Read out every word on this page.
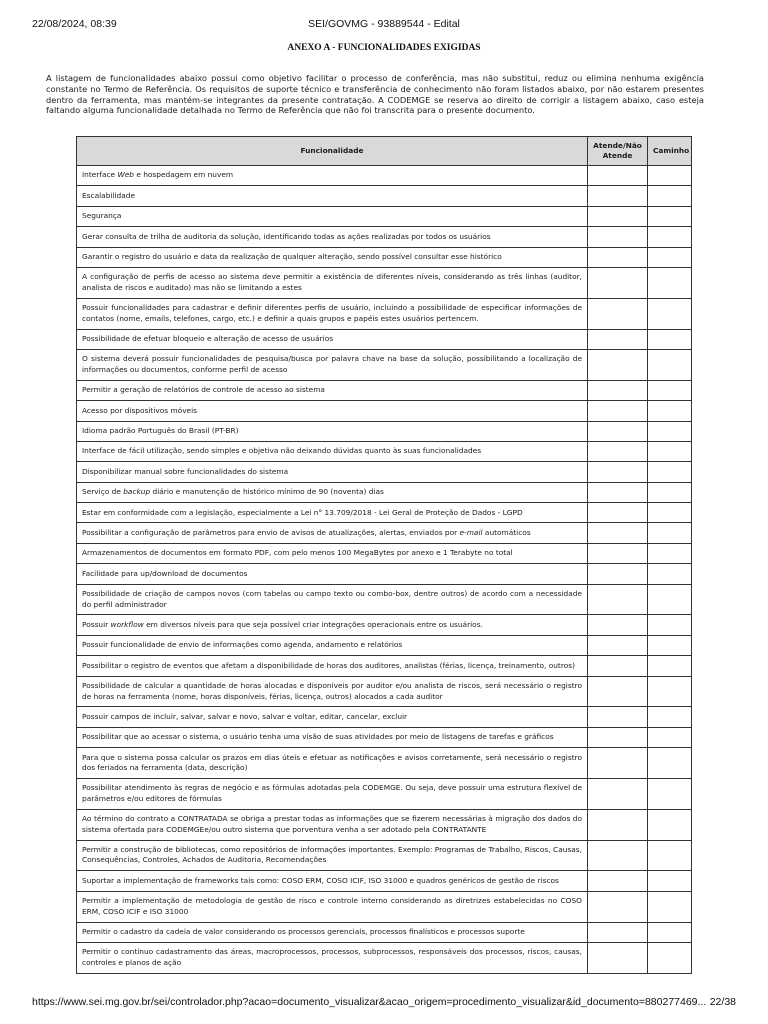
22/08/2024, 08:39	SEI/GOVMG - 93889544 - Edital
ANEXO A - FUNCIONALIDADES EXIGIDAS
A listagem de funcionalidades abaixo possui como objetivo facilitar o processo de conferência, mas não substitui, reduz ou elimina nenhuma exigência constante no Termo de Referência. Os requisitos de suporte técnico e transferência de conhecimento não foram listados abaixo, por não estarem presentes dentro da ferramenta, mas mantém-se integrantes da presente contratação. A CODEMGE se reserva ao direito de corrigir a listagem abaixo, caso esteja faltando alguma funcionalidade detalhada no Termo de Referência que não foi transcrita para o presente documento.
Funcionalidade	Atende/Não Atende	Caminho
Interface Web e hospedagem em nuvem		
Escalabilidade		
Segurança		
Gerar consulta de trilha de auditoria da solução, identificando todas as ações realizadas por todos os usuários		
Garantir o registro do usuário e data da realização de qualquer alteração, sendo possível consultar esse histórico		
A configuração de perfis de acesso ao sistema deve permitir a existência de diferentes níveis, considerando as três linhas (auditor, analista de riscos e auditado) mas não se limitando a estes		
Possuir funcionalidades para cadastrar e definir diferentes perfis de usuário, incluindo a possibilidade de especificar informações de contatos (nome, emails, telefones, cargo, etc.) e definir a quais grupos e papéis estes usuários pertencem.		
Possibilidade de efetuar bloqueio e alteração de acesso de usuários		
O sistema deverá possuir funcionalidades de pesquisa/busca por palavra chave na base da solução, possibilitando a localização de informações ou documentos, conforme perfil de acesso		
Permitir a geração de relatórios de controle de acesso ao sistema		
Acesso por dispositivos móveis		
Idioma padrão Português do Brasil (PT-BR)		
Interface de fácil utilização, sendo simples e objetiva não deixando dúvidas quanto às suas funcionalidades		
Disponibilizar manual sobre funcionalidades do sistema		
Serviço de backup diário e manutenção de histórico mínimo de 90 (noventa) dias		
Estar em conformidade com a legislação, especialmente a Lei n° 13.709/2018 - Lei Geral de Proteção de Dados - LGPD		
Possibilitar a configuração de parâmetros para envio de avisos de atualizações, alertas, enviados por e-mail automáticos		
Armazenamentos de documentos em formato PDF, com pelo menos 100 MegaBytes por anexo e 1 Terabyte no total		
Facilidade para up/download de documentos		
Possibilidade de criação de campos novos (com tabelas ou campo texto ou combo-box, dentre outros) de acordo com a necessidade do perfil administrador		
Possuir workflow em diversos níveis para que seja possível criar integrações operacionais entre os usuários.		
Possuir funcionalidade de envio de informações como agenda, andamento e relatórios		
Possibilitar o registro de eventos que afetam a disponibilidade de horas dos auditores, analistas (férias, licença, treinamento, outros)		
Possibilidade de calcular a quantidade de horas alocadas e disponíveis por auditor e/ou analista de riscos, será necessário o registro de horas na ferramenta (nome, horas disponíveis, férias, licença, outros) alocados a cada auditor		
Possuir campos de incluir, salvar, salvar e novo, salvar e voltar, editar, cancelar, excluir		
Possibilitar que ao acessar o sistema, o usuário tenha uma visão de suas atividades por meio de listagens de tarefas e gráficos		
Para que o sistema possa calcular os prazos em dias úteis e efetuar as notificações e avisos corretamente, será necessário o registro dos feriados na ferramenta (data, descrição)		
Possibilitar atendimento às regras de negócio e as fórmulas adotadas pela CODEMGE. Ou seja, deve possuir uma estrutura flexível de parâmetros e/ou editores de fórmulas		
Ao término do contrato a CONTRATADA se obriga a prestar todas as informações que se fizerem necessárias à migração dos dados do sistema ofertada para CODEMGEe/ou outro sistema que porventura venha a ser adotado pela CONTRATANTE		
Permitir a construção de bibliotecas, como repositórios de informações importantes. Exemplo: Programas de Trabalho, Riscos, Causas, Consequências, Controles, Achados de Auditoria, Recomendações		
Suportar a implementação de frameworks tais como: COSO ERM, COSO ICIF, ISO 31000 e quadros genéricos de gestão de riscos		
Permitir a implementação de metodologia de gestão de risco e controle interno considerando as diretrizes estabelecidas no COSO ERM, COSO ICIF e ISO 31000		
Permitir o cadastro da cadeia de valor considerando os processos gerenciais, processos finalísticos e processos suporte		
Permitir o contínuo cadastramento das áreas, macroprocessos, processos, subprocessos, responsáveis dos processos, riscos, causas, controles e planos de ação		
https://www.sei.mg.gov.br/sei/controlador.php?acao=documento_visualizar&acao_origem=procedimento_visualizar&id_documento=880277469... 22/38
